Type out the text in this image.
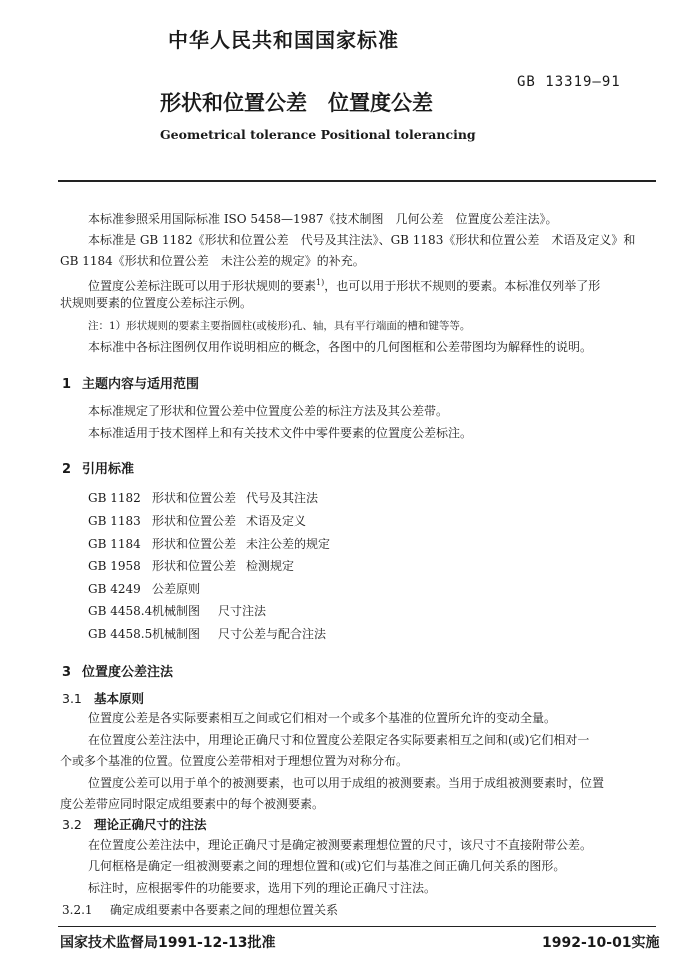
中华人民共和国国家标准
GB 13319—91
形状和位置公差　位置度公差
Geometrical tolerance Positional tolerancing
本标准参照采用国际标准 ISO 5458—1987《技术制图　几何公差　位置度公差注法》。
本标准是 GB 1182《形状和位置公差　代号及其注法》、GB 1183《形状和位置公差　术语及定义》和
GB 1184《形状和位置公差　未注公差的规定》的补充。
位置度公差标注既可以用于形状规则的要素$^{1)}$，也可以用于形状不规则的要素。本标准仅列举了形
状规则要素的位置度公差标注示例。
注：1）形状规则的要素主要指圆柱(或棱形)孔、轴，具有平行端面的槽和键等等。
本标准中各标注图例仅用作说明相应的概念，各图中的几何图框和公差带图均为解释性的说明。
1 主题内容与适用范围
本标准规定了形状和位置公差中位置度公差的标注方法及其公差带。
本标准适用于技术图样上和有关技术文件中零件要素的位置度公差标注。
2 引用标准
GB 1182 形状和位置公差 代号及其注法
GB 1183 形状和位置公差 术语及定义
GB 1184 形状和位置公差 未注公差的规定
GB 1958 形状和位置公差 检测规定
GB 4249 公差原则
GB 4458.4机械制图 尺寸注法
GB 4458.5机械制图 尺寸公差与配合注法
3 位置度公差注法
3.1 基本原则
位置度公差是各实际要素相互之间或它们相对一个或多个基准的位置所允许的变动全量。
在位置度公差注法中，用理论正确尺寸和位置度公差限定各实际要素相互之间和(或)它们相对一
个或多个基准的位置。位置度公差带相对于理想位置为对称分布。
位置度公差可以用于单个的被测要素，也可以用于成组的被测要素。当用于成组被测要素时，位置
度公差带应同时限定成组要素中的每个被测要素。
3.2 理论正确尺寸的注法
在位置度公差注法中，理论正确尺寸是确定被测要素理想位置的尺寸，该尺寸不直接附带公差。
几何框格是确定一组被测要素之间的理想位置和(或)它们与基准之间正确几何关系的图形。
标注时，应根据零件的功能要求，选用下列的理论正确尺寸注法。
3.2.1 确定成组要素中各要素之间的理想位置关系
国家技术监督局1991-12-13批准	1992-10-01实施
